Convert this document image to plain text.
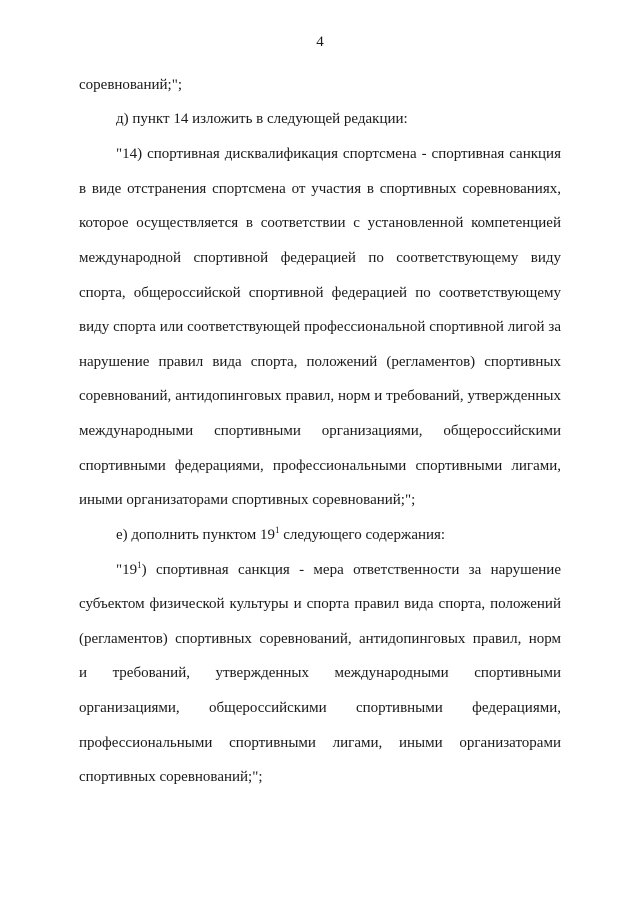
4
соревнований;";
д) пункт 14 изложить в следующей редакции:
"14) спортивная дисквалификация спортсмена - спортивная санкция
в виде отстранения спортсмена от участия в спортивных соревнованиях,
которое осуществляется в соответствии с установленной компетенцией
международной спортивной федерацией по соответствующему виду
спорта, общероссийской спортивной федерацией по соответствующему
виду спорта или соответствующей профессиональной спортивной лигой за
нарушение правил вида спорта, положений (регламентов) спортивных
соревнований, антидопинговых правил, норм и требований, утвержденных
международными спортивными организациями, общероссийскими
спортивными федерациями, профессиональными спортивными лигами,
иными организаторами спортивных соревнований;";
е) дополнить пунктом $19^1$ следующего содержания:
"$19^1$) спортивная санкция - мера ответственности за нарушение
субъектом физической культуры и спорта правил вида спорта, положений
(регламентов) спортивных соревнований, антидопинговых правил, норм
и требований, утвержденных международными спортивными
организациями, общероссийскими спортивными федерациями,
профессиональными спортивными лигами, иными организаторами
спортивных соревнований;";
